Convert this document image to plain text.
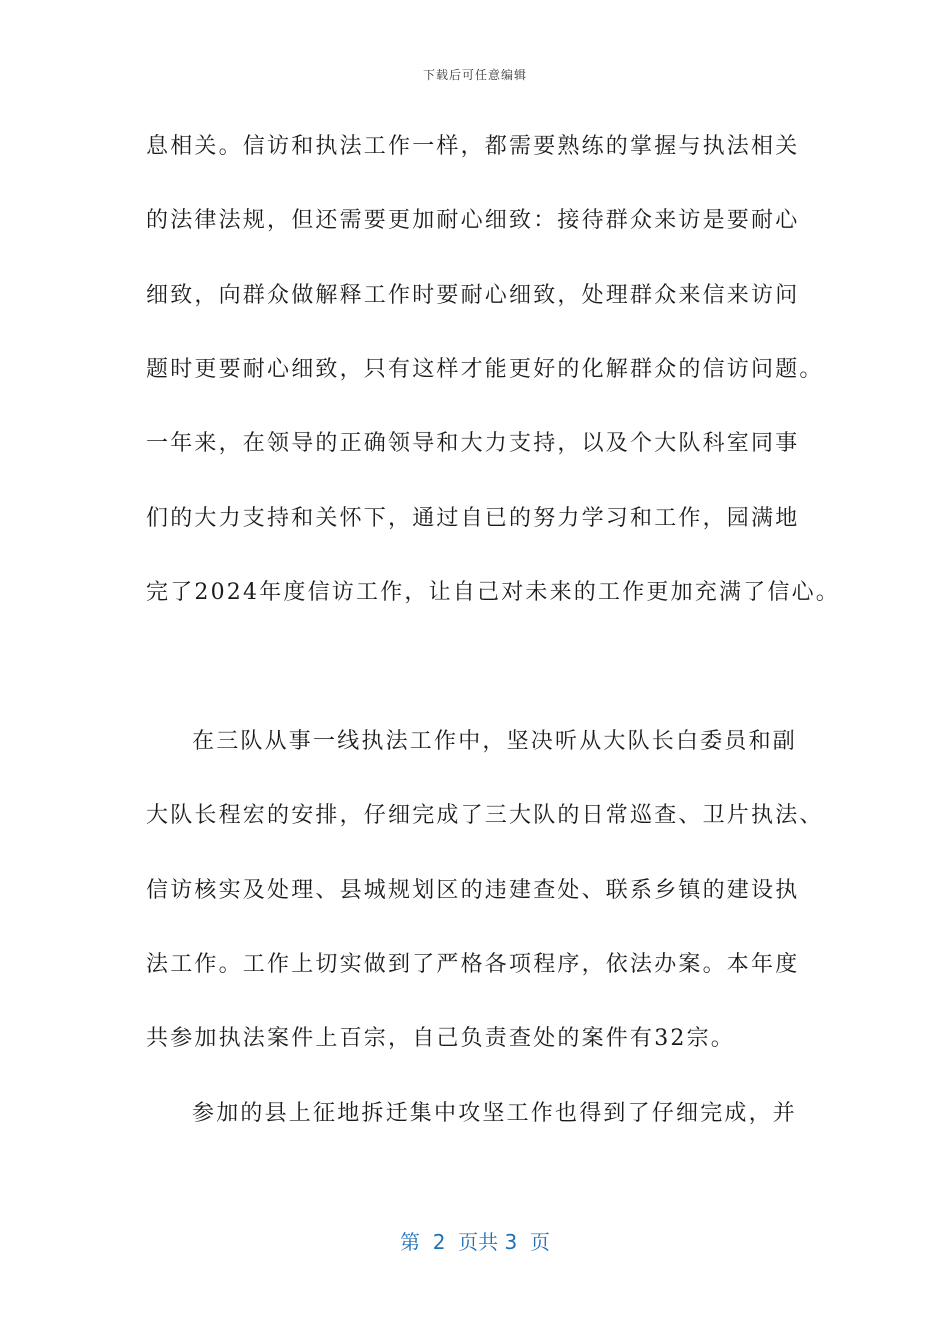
下载后可任意编辑
息相关。信访和执法工作一样，都需要熟练的掌握与执法相关
的法律法规，但还需要更加耐心细致：接待群众来访是要耐心
细致，向群众做解释工作时要耐心细致，处理群众来信来访问
题时更要耐心细致，只有这样才能更好的化解群众的信访问题。
一年来，在领导的正确领导和大力支持，以及个大队科室同事
们的大力支持和关怀下，通过自已的努力学习和工作，园满地
完了2024年度信访工作，让自己对未来的工作更加充满了信心。
在三队从事一线执法工作中，坚决听从大队长白委员和副
大队长程宏的安排，仔细完成了三大队的日常巡查、卫片执法、
信访核实及处理、县城规划区的违建查处、联系乡镇的建设执
法工作。工作上切实做到了严格各项程序，依法办案。本年度
共参加执法案件上百宗，自己负责查处的案件有32宗。
参加的县上征地拆迁集中攻坚工作也得到了仔细完成，并
第  2  页共 3  页
